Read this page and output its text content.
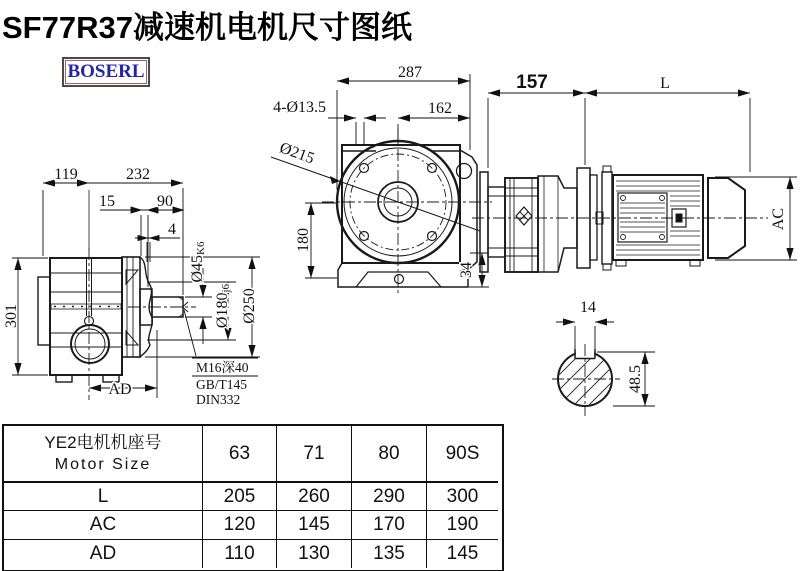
SF77R37减速机电机尺寸图纸
BOSERL
119	232
15	90
4
301
Ø45K6
Ø180j6 Ø250
AD
M16深40
GB/T145
DIN332
287
162
4-Ø13.5
Ø215
180
34
157	L
AC
14
48.5
YE2电机机座号
Motor Size
63	71	80	90S
L	205	260	290	300
AC	120	145	170	190
AD	110	130	135	145
